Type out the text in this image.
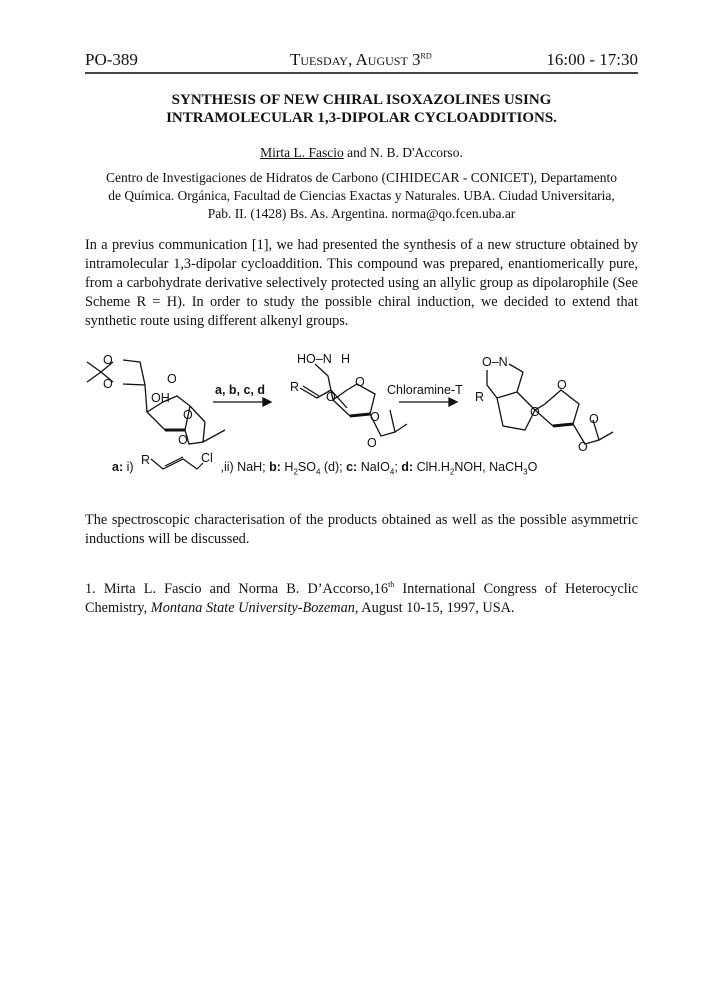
PO-389	Tuesday, August 3RD	16:00 - 17:30
SYNTHESIS OF NEW CHIRAL ISOXAZOLINES USING
INTRAMOLECULAR 1,3-DIPOLAR CYCLOADDITIONS.
Mirta L. Fascio and N. B. D'Accorso.
Centro de Investigaciones de Hidratos de Carbono (CIHIDECAR - CONICET), Departamento
de Química. Orgánica, Facultad de Ciencias Exactas y Naturales. UBA. Ciudad Universitaria,
Pab. II. (1428) Bs. As. Argentina. norma@qo.fcen.uba.ar
In a previus communication [1], we had presented the synthesis of a new structure obtained by intramolecular 1,3-dipolar cycloaddition. This compound was prepared, enantiomerically pure, from a carbohydrate derivative selectively protected using an allylic group as dipolarophile (See Scheme R = H). In order to study the possible chiral induction, we decided to extend that synthetic route using different alkenyl groups.
O
O	O
OH
O
O
a, b, c, d
HO–N H
O
R
O
O
O
Chloramine-T
O–N
R
O
O	O
O
a: i) R	Cl
,ii) NaH; b: $H_2SO_4$ (d); c: NaIO$_4$; d: $ClH.H_2NOH$, NaCH$_3$O
The spectroscopic characterisation of the products obtained as well as the possible asymmetric inductions will be discussed.
1. Mirta L. Fascio and Norma B. D’Accorso,16th International Congress of Heterocyclic Chemistry, Montana State University-Bozeman, August 10-15, 1997, USA.
